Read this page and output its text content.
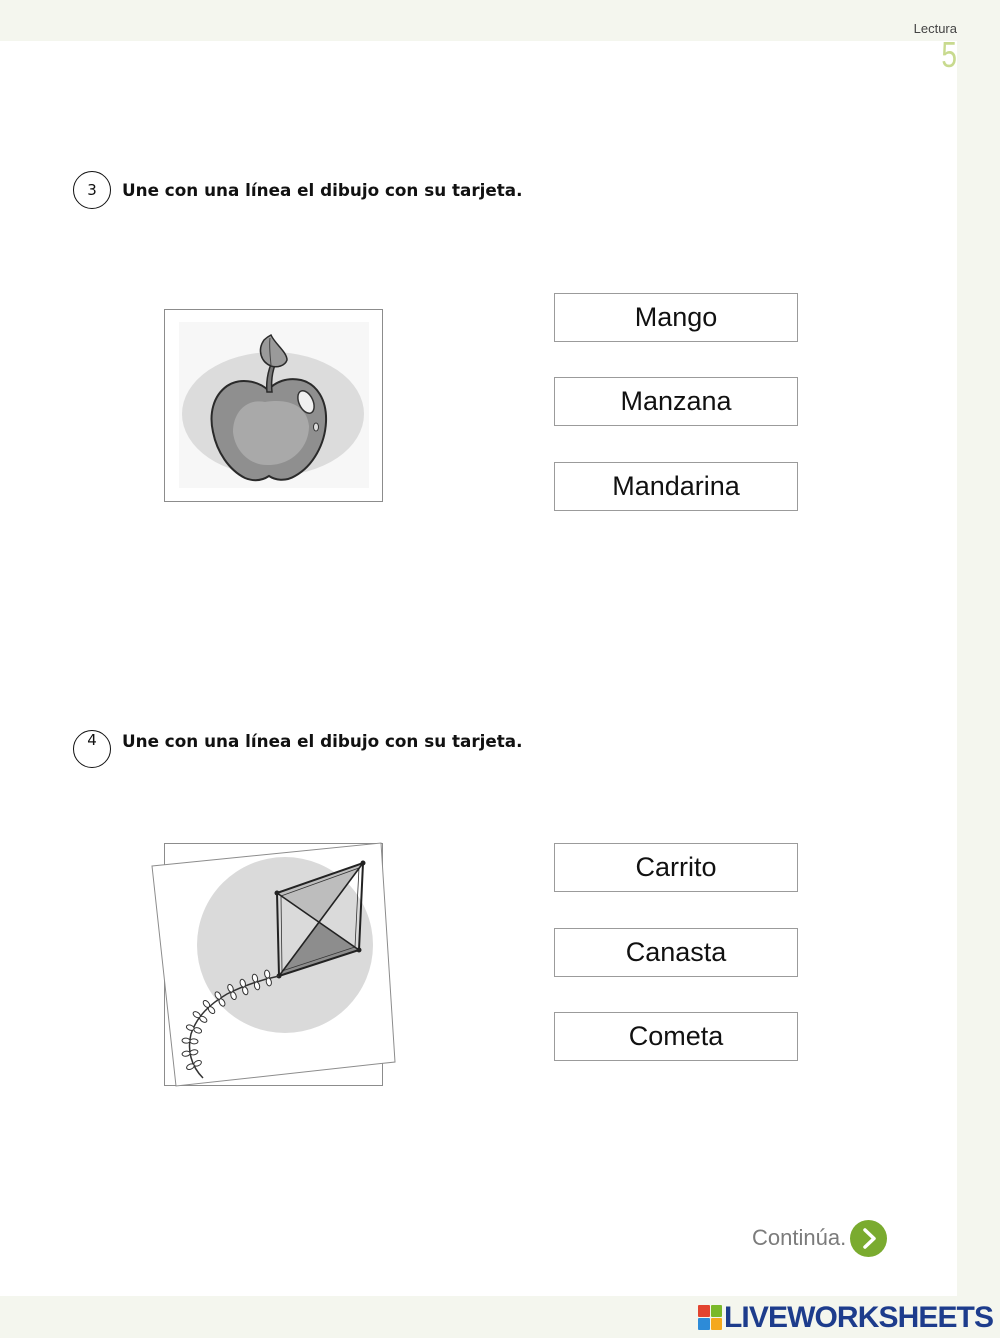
Lectura
5
3	Une con una línea el dibujo con su tarjeta.
Mango
Manzana
Mandarina
4	Une con una línea el dibujo con su tarjeta.
Carrito
Canasta
Cometa
Continúa.
LIVEWORKSHEETS
